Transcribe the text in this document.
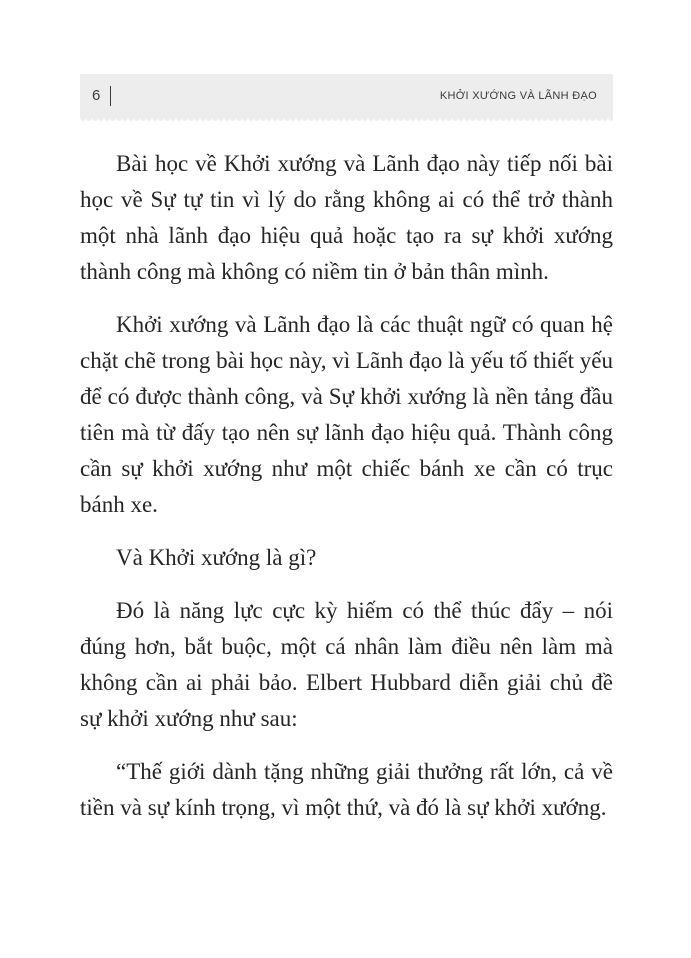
6	KHỞI XƯỚNG VÀ LÃNH ĐẠO

Bài học về Khởi xướng và Lãnh đạo này tiếp nối bài học về Sự tự tin vì lý do rằng không ai có thể trở thành một nhà lãnh đạo hiệu quả hoặc tạo ra sự khởi xướng thành công mà không có niềm tin ở bản thân mình.

Khởi xướng và Lãnh đạo là các thuật ngữ có quan hệ chặt chẽ trong bài học này, vì Lãnh đạo là yếu tố thiết yếu để có được thành công, và Sự khởi xướng là nền tảng đầu tiên mà từ đấy tạo nên sự lãnh đạo hiệu quả. Thành công cần sự khởi xướng như một chiếc bánh xe cần có trục bánh xe.

Và Khởi xướng là gì?

Đó là năng lực cực kỳ hiếm có thể thúc đẩy – nói đúng hơn, bắt buộc, một cá nhân làm điều nên làm mà không cần ai phải bảo. Elbert Hubbard diễn giải chủ đề sự khởi xướng như sau:

“Thế giới dành tặng những giải thưởng rất lớn, cả về tiền và sự kính trọng, vì một thứ, và đó là sự khởi xướng.
